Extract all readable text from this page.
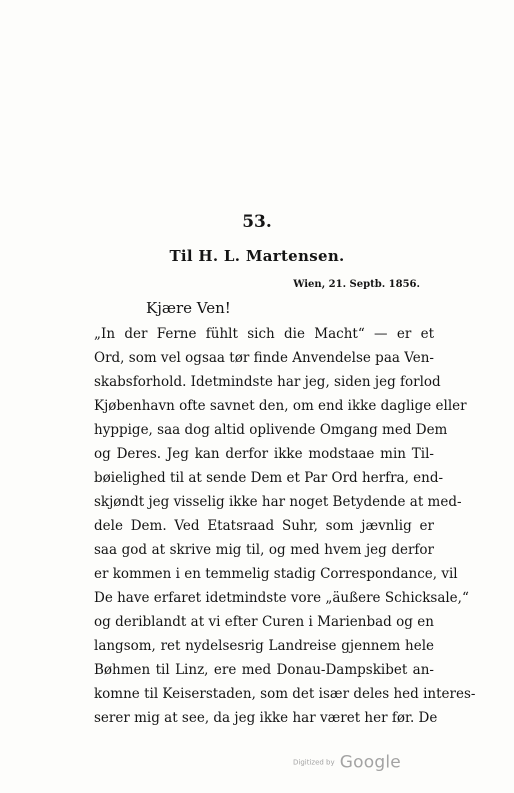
53.
Til H. L. Martensen.
Wien, 21. Septb. 1856.
Kjære Ven!
„In der Ferne fühlt sich die Macht“ — er et
Ord, som vel ogsaa tør finde Anvendelse paa Ven-
skabsforhold. Idetmindste har jeg, siden jeg forlod
Kjøbenhavn ofte savnet den, om end ikke daglige eller
hyppige, saa dog altid oplivende Omgang med Dem
og Deres. Jeg kan derfor ikke modstaae min Til-
bøielighed til at sende Dem et Par Ord herfra, end-
skjøndt jeg visselig ikke har noget Betydende at med-
dele Dem. Ved Etatsraad Suhr, som jævnlig er
saa god at skrive mig til, og med hvem jeg derfor
er kommen i en temmelig stadig Correspondance, vil
De have erfaret idetmindste vore „äußere Schicksale,“
og deriblandt at vi efter Curen i Marienbad og en
langsom, ret nydelsesrig Landreise gjennem hele
Bøhmen til Linz, ere med Donau-Dampskibet an-
komne til Keiserstaden, som det især deles hed interes-
serer mig at see, da jeg ikke har været her før. De
Digitized by Google
